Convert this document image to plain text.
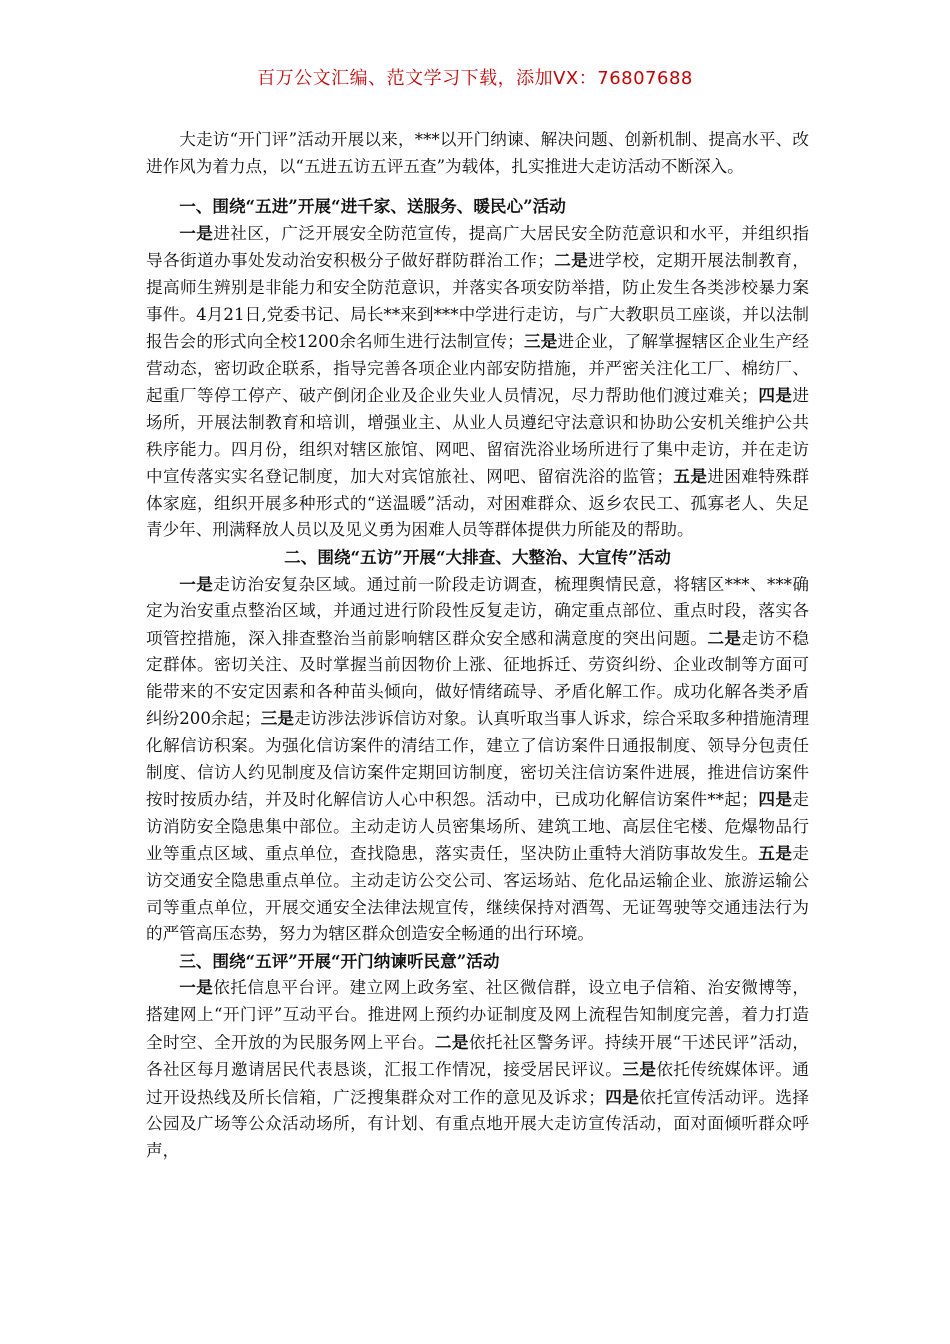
百万公文汇编、范文学习下载，添加VX：76807688

大走访“开门评”活动开展以来，***以开门纳谏、解决问题、创新机制、提高水平、改进作风为着力点，以“五进五访五评五查”为载体，扎实推进大走访活动不断深入。

一、围绕“五进”开展“进千家、送服务、暖民心”活动

一是进社区，广泛开展安全防范宣传，提高广大居民安全防范意识和水平，并组织指导各街道办事处发动治安积极分子做好群防群治工作；二是进学校，定期开展法制教育，提高师生辨别是非能力和安全防范意识，并落实各项安防举措，防止发生各类涉校暴力案事件。4月21日,党委书记、局长**来到***中学进行走访，与广大教职员工座谈，并以法制报告会的形式向全校1200余名师生进行法制宣传；三是进企业，了解掌握辖区企业生产经营动态，密切政企联系，指导完善各项企业内部安防措施，并严密关注化工厂、棉纺厂、起重厂等停工停产、破产倒闭企业及企业失业人员情况，尽力帮助他们渡过难关；四是进场所，开展法制教育和培训，增强业主、从业人员遵纪守法意识和协助公安机关维护公共秩序能力。四月份，组织对辖区旅馆、网吧、留宿洗浴业场所进行了集中走访，并在走访中宣传落实实名登记制度，加大对宾馆旅社、网吧、留宿洗浴的监管；五是进困难特殊群体家庭，组织开展多种形式的“送温暖”活动，对困难群众、返乡农民工、孤寡老人、失足青少年、刑满释放人员以及见义勇为困难人员等群体提供力所能及的帮助。

二、围绕“五访”开展“大排查、大整治、大宣传”活动

一是走访治安复杂区域。通过前一阶段走访调查，梳理舆情民意，将辖区***、***确定为治安重点整治区域，并通过进行阶段性反复走访，确定重点部位、重点时段，落实各项管控措施，深入排查整治当前影响辖区群众安全感和满意度的突出问题。二是走访不稳定群体。密切关注、及时掌握当前因物价上涨、征地拆迁、劳资纠纷、企业改制等方面可能带来的不安定因素和各种苗头倾向，做好情绪疏导、矛盾化解工作。成功化解各类矛盾纠纷200余起；三是走访涉法涉诉信访对象。认真听取当事人诉求，综合采取多种措施清理化解信访积案。为强化信访案件的清结工作，建立了信访案件日通报制度、领导分包责任制度、信访人约见制度及信访案件定期回访制度，密切关注信访案件进展，推进信访案件按时按质办结，并及时化解信访人心中积怨。活动中，已成功化解信访案件**起；四是走访消防安全隐患集中部位。主动走访人员密集场所、建筑工地、高层住宅楼、危爆物品行业等重点区域、重点单位，查找隐患，落实责任，坚决防止重特大消防事故发生。五是走访交通安全隐患重点单位。主动走访公交公司、客运场站、危化品运输企业、旅游运输公司等重点单位，开展交通安全法律法规宣传，继续保持对酒驾、无证驾驶等交通违法行为的严管高压态势，努力为辖区群众创造安全畅通的出行环境。

三、围绕“五评”开展“开门纳谏听民意”活动

一是依托信息平台评。建立网上政务室、社区微信群，设立电子信箱、治安微博等，搭建网上“开门评”互动平台。推进网上预约办证制度及网上流程告知制度完善，着力打造全时空、全开放的为民服务网上平台。二是依托社区警务评。持续开展“干述民评”活动，各社区每月邀请居民代表恳谈，汇报工作情况，接受居民评议。三是依托传统媒体评。通过开设热线及所长信箱，广泛搜集群众对工作的意见及诉求；四是依托宣传活动评。选择公园及广场等公众活动场所，有计划、有重点地开展大走访宣传活动，面对面倾听群众呼声，
